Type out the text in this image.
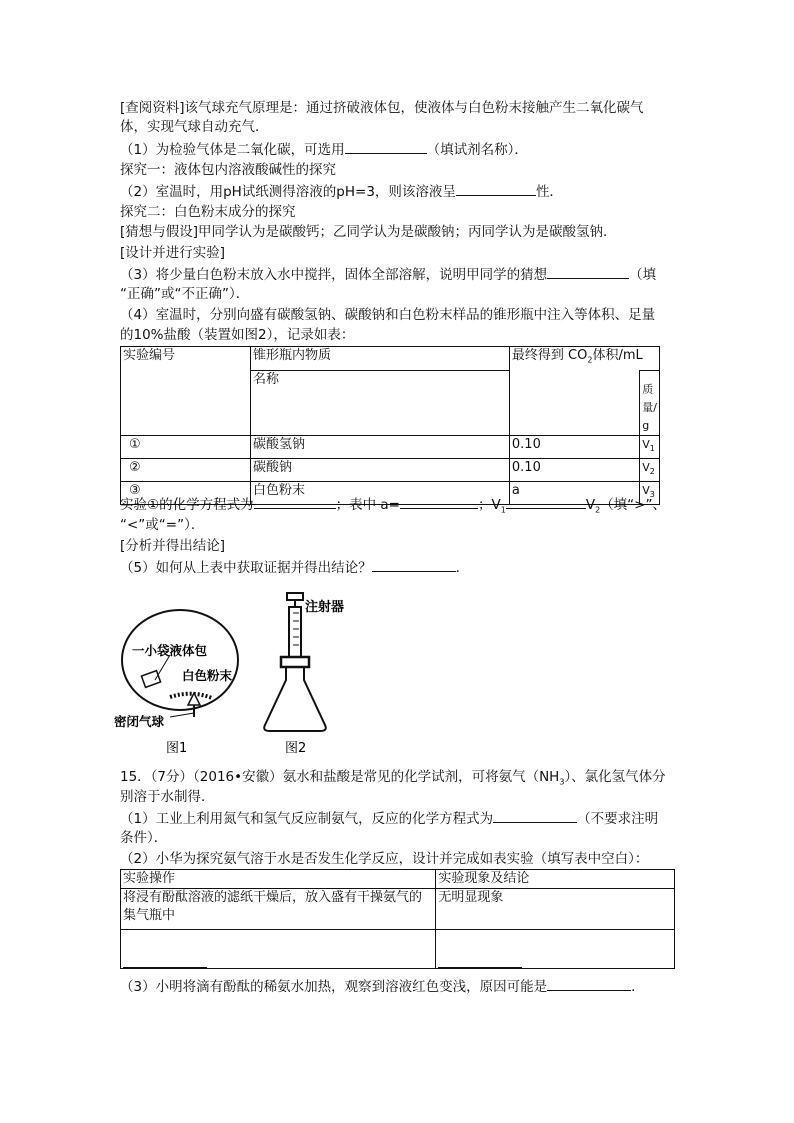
[查阅资料]该气球充气原理是：通过挤破液体包，使液体与白色粉末接触产生二氧化碳气
体，实现气球自动充气．
（1）为检验气体是二氧化碳，可选用	（填试剂名称）．
探究一：液体包内溶液酸碱性的探究
（2）室温时，用pH试纸测得溶液的pH=3，则该溶液呈	性．
探究二：白色粉末成分的探究
[猜想与假设]甲同学认为是碳酸钙；乙同学认为是碳酸钠；丙同学认为是碳酸氢钠．
[设计并进行实验]
（3）将少量白色粉末放入水中搅拌，固体全部溶解，说明甲同学的猜想	（填
“正确”或“不正确”）．
（4）室温时，分别向盛有碳酸氢钠、碳酸钠和白色粉末样品的锥形瓶中注入等体积、足量
的10%盐酸（装置如图2），记录如表：
实验编号	锥形瓶内物质	最终得到 $CO_2$体积/mL	
	名称		质量/g
①	碳酸氢钠	0.10	$V_1$
②	碳酸钠	0.10	$V_2$
③	白色粉末	a	$V_3$
实验①的化学方程式为	；表中 a=	；$V_1$	$V_2$（填“>”、
“<”或“=”）．
[分析并得出结论]
（5）如何从上表中获取证据并得出结论？	．
一小袋液体包
白色粉末
密闭气球
图1
注射器
图2
15．（7分）（2016•安徽）氨水和盐酸是常见的化学试剂，可将氨气$(NH_3)$、氯化氢气体分
别溶于水制得．
（1）工业上利用氮气和氢气反应制氨气，反应的化学方程式为	（不要求注明
条件）．
（2）小华为探究氨气溶于水是否发生化学反应，设计并完成如表实验（填写表中空白）：
实验操作	实验现象及结论
将浸有酚酞溶液的滤纸干燥后，放入盛有干操氨气的集气瓶中	无明显现象

（3）小明将滴有酚酞的稀氨水加热，观察到溶液红色变浅，原因可能是	．
